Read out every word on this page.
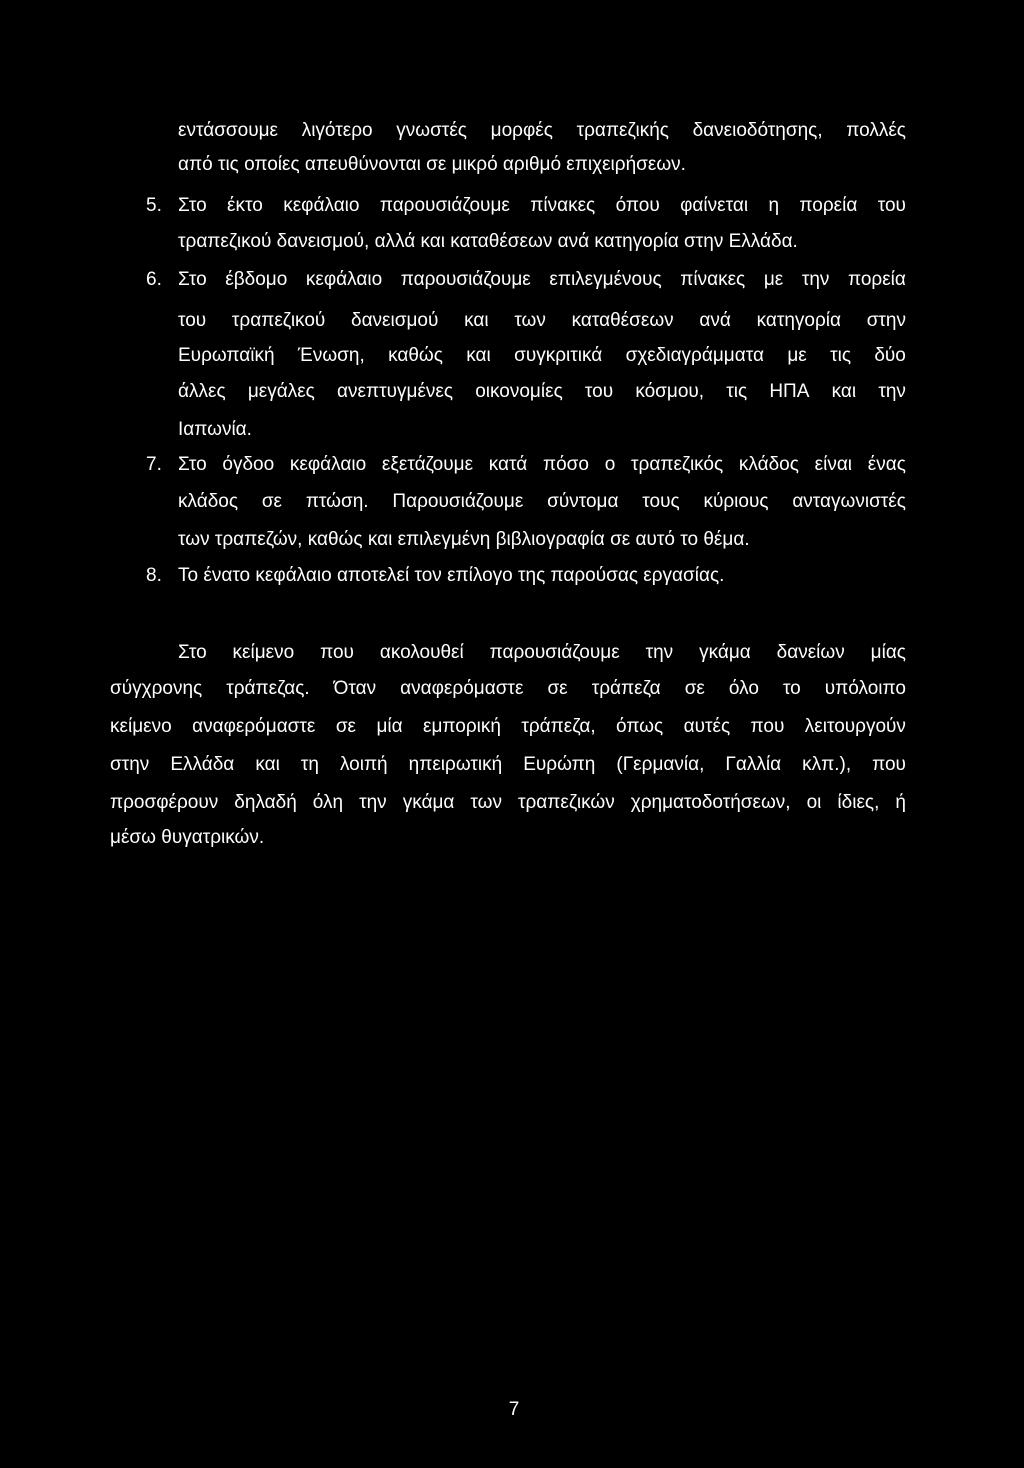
εντάσσουμε λιγότερο γνωστές μορφές τραπεζικής δανειοδότησης, πολλές
από τις οποίες απευθύνονται σε μικρό αριθμό επιχειρήσεων.
5. Στο έκτο κεφάλαιο παρουσιάζουμε πίνακες όπου φαίνεται η πορεία του
τραπεζικού δανεισμού, αλλά και καταθέσεων ανά κατηγορία στην Ελλάδα.
6. Στο έβδομο κεφάλαιο παρουσιάζουμε επιλεγμένους πίνακες με την πορεία
του τραπεζικού δανεισμού και των καταθέσεων ανά κατηγορία στην
Ευρωπαϊκή Ένωση, καθώς και συγκριτικά σχεδιαγράμματα με τις δύο
άλλες μεγάλες ανεπτυγμένες οικονομίες του κόσμου, τις ΗΠΑ και την
Ιαπωνία.
7. Στο όγδοο κεφάλαιο εξετάζουμε κατά πόσο ο τραπεζικός κλάδος είναι ένας
κλάδος σε πτώση. Παρουσιάζουμε σύντομα τους κύριους ανταγωνιστές
των τραπεζών, καθώς και επιλεγμένη βιβλιογραφία σε αυτό το θέμα.
8. Το ένατο κεφάλαιο αποτελεί τον επίλογο της παρούσας εργασίας.
Στο κείμενο που ακολουθεί παρουσιάζουμε την γκάμα δανείων μίας
σύγχρονης τράπεζας. Όταν αναφερόμαστε σε τράπεζα σε όλο το υπόλοιπο
κείμενο αναφερόμαστε σε μία εμπορική τράπεζα, όπως αυτές που λειτουργούν
στην Ελλάδα και τη λοιπή ηπειρωτική Ευρώπη (Γερμανία, Γαλλία κλπ.), που
προσφέρουν δηλαδή όλη την γκάμα των τραπεζικών χρηματοδοτήσεων, οι ίδιες, ή
μέσω θυγατρικών.
7
